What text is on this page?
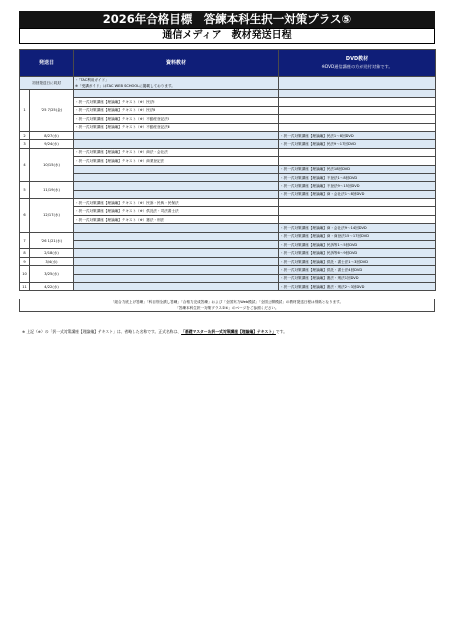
2026年合格目標　答練本科生択一対策プラス⑤
通信メディア　教材発送日程
発送日		資料教材	DVD教材
※DVD通信講座の方が送付対象です。

初回発送日に同封		・「TAC利用ガイド」
※「受講ガイド」はTAC WEB SCHOOLに掲載しております。	

1	'25 7/25(金)		
		・択一式対策講座【理論編】テキスト（※）民法Ⅰ	
		・択一式対策講座【理論編】テキスト（※）民法Ⅱ	
		・択一式対策講座【理論編】テキスト（※）不動産登記法Ⅰ	
		・択一式対策講座【理論編】テキスト（※）不動産登記法Ⅱ	
2	8/27(水)		・択一式対策講座【理論編】民法1～8回DVD
3	9/24(水)		・択一式対策講座【理論編】民法9～17回DVD
4	10/15(水)	・択一式対策講座【理論編】テキスト（※）商法・会社法	
		・択一式対策講座【理論編】テキスト（※）商業登記法	
			・択一式対策講座【理論編】民法18回DVD
			・択一式対策講座【理論編】不登法1～8回DVD
5	11/19(水)		・択一式対策講座【理論編】不登法9～15回DVD
			・択一式対策講座【理論編】商・会社法1～8回DVD
6	12/17(水)	・択一式対策講座【理論編】テキスト（※）民訴・民執・民保法	
		・択一式対策講座【理論編】テキスト（※）供託法・司法書士法	
		・択一式対策講座【理論編】テキスト（※）憲法・刑法	
			・択一式対策講座【理論編】商・会社法9～14回DVD
7	'26 1/21(水)		・択一式対策講座【理論編】商・商登法15～17回DVD
			・択一式対策講座【理論編】民訴等1～5回DVD
8	2/18(水)		・択一式対策講座【理論編】民訴等6～9回DVD
9	3/4(水)		・択一式対策講座【理論編】供託・書士法1～3回DVD
10	3/25(水)		・択一式対策講座【理論編】供託・書士法4回DVD
			・択一式対策講座【理論編】憲法・刑法1回DVD
11	4/22(水)		・択一式対策講座【理論編】憲法・刑法2～3回DVD
「総合力底上げ答練」「科目別全潰し答練」「合格力完成答練」および「全国実力Web模試」「全国公開模試」の教材発送日程は別紙となります。
「答練本科生択一対策プラス②④」のページをご参照ください。
※ 上記（※）の「択一式対策講座【理論編】テキスト」は、省略した名称です。正式名称は、「基礎マスター＆択一式対策講座【理論編】テキスト」です。
